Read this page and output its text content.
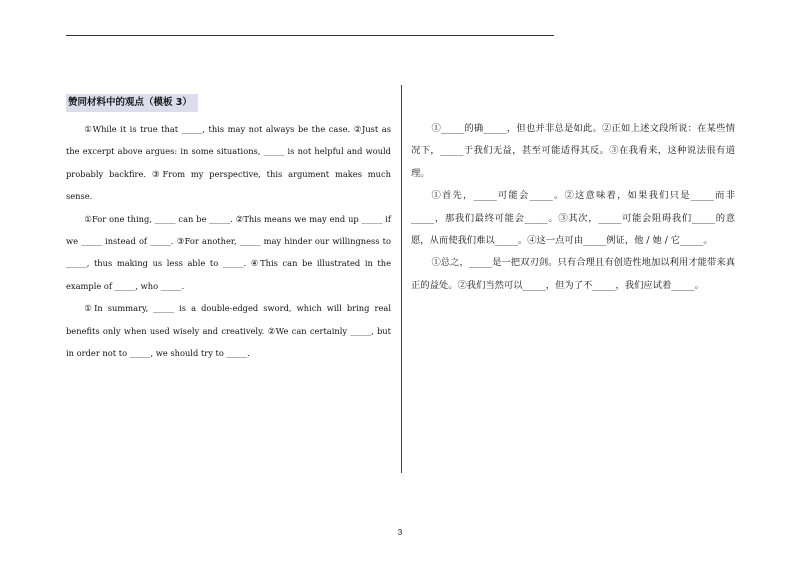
赞同材料中的观点（模板 3）

①While it is true that _____, this may not always be the case. ②Just as the excerpt above argues: in some situations, _____ is not helpful and would probably backfire. ③From my perspective, this argument makes much sense.

①For one thing, _____ can be _____. ②This means we may end up _____ if we _____ instead of _____. ③For another, _____ may hinder our willingness to _____, thus making us less able to _____. ④This can be illustrated in the example of _____, who _____.

①In summary, _____ is a double-edged sword, which will bring real benefits only when used wisely and creatively. ②We can certainly _____, but in order not to _____, we should try to _____.

①_____的确_____，但也并非总是如此。②正如上述文段所说：在某些情况下，_____于我们无益，甚至可能适得其反。③在我看来，这种说法很有道理。

①首先，_____可能会_____。②这意味着，如果我们只是_____而非_____，那我们最终可能会_____。③其次，_____可能会阻碍我们_____的意愿，从而使我们难以_____。④这一点可由_____例证，他 / 她 / 它_____。

①总之，_____是一把双刃剑。只有合理且有创造性地加以利用才能带来真正的益处。②我们当然可以_____，但为了不_____，我们应试着_____。

3
